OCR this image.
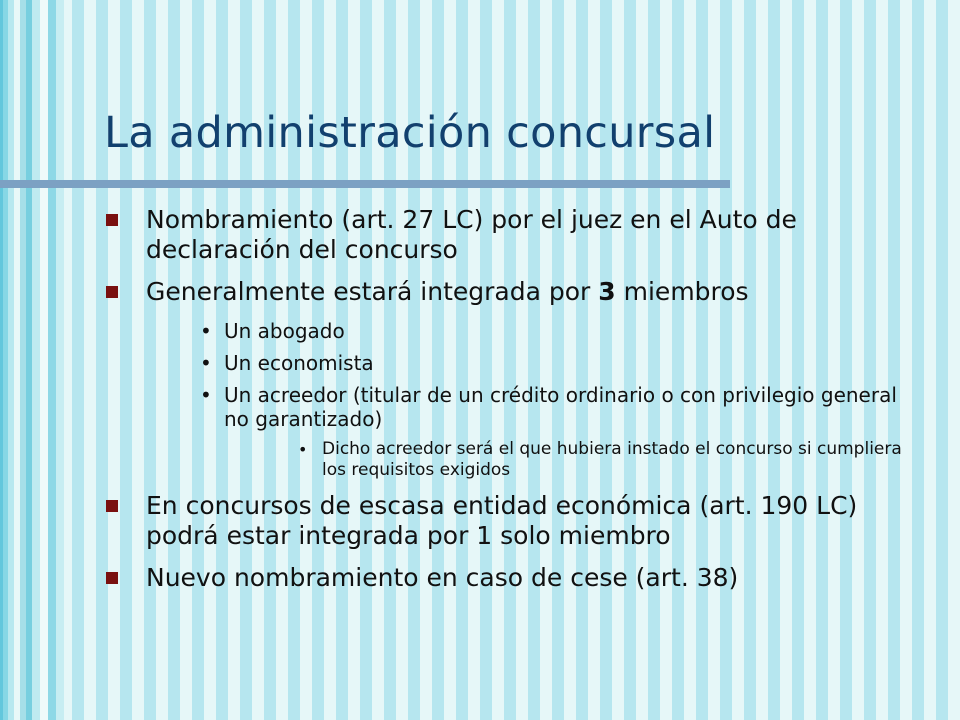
La administración concursal
Nombramiento (art. 27 LC) por el juez en el Auto de declaración del concurso
Generalmente estará integrada por 3 miembros
• Un abogado
• Un economista
• Un acreedor (titular de un crédito ordinario o con privilegio general no garantizado)
• Dicho acreedor será el que hubiera instado el concurso si cumpliera los requisitos exigidos
En concursos de escasa entidad económica (art. 190 LC) podrá estar integrada por 1 solo miembro
Nuevo nombramiento en caso de cese (art. 38)
